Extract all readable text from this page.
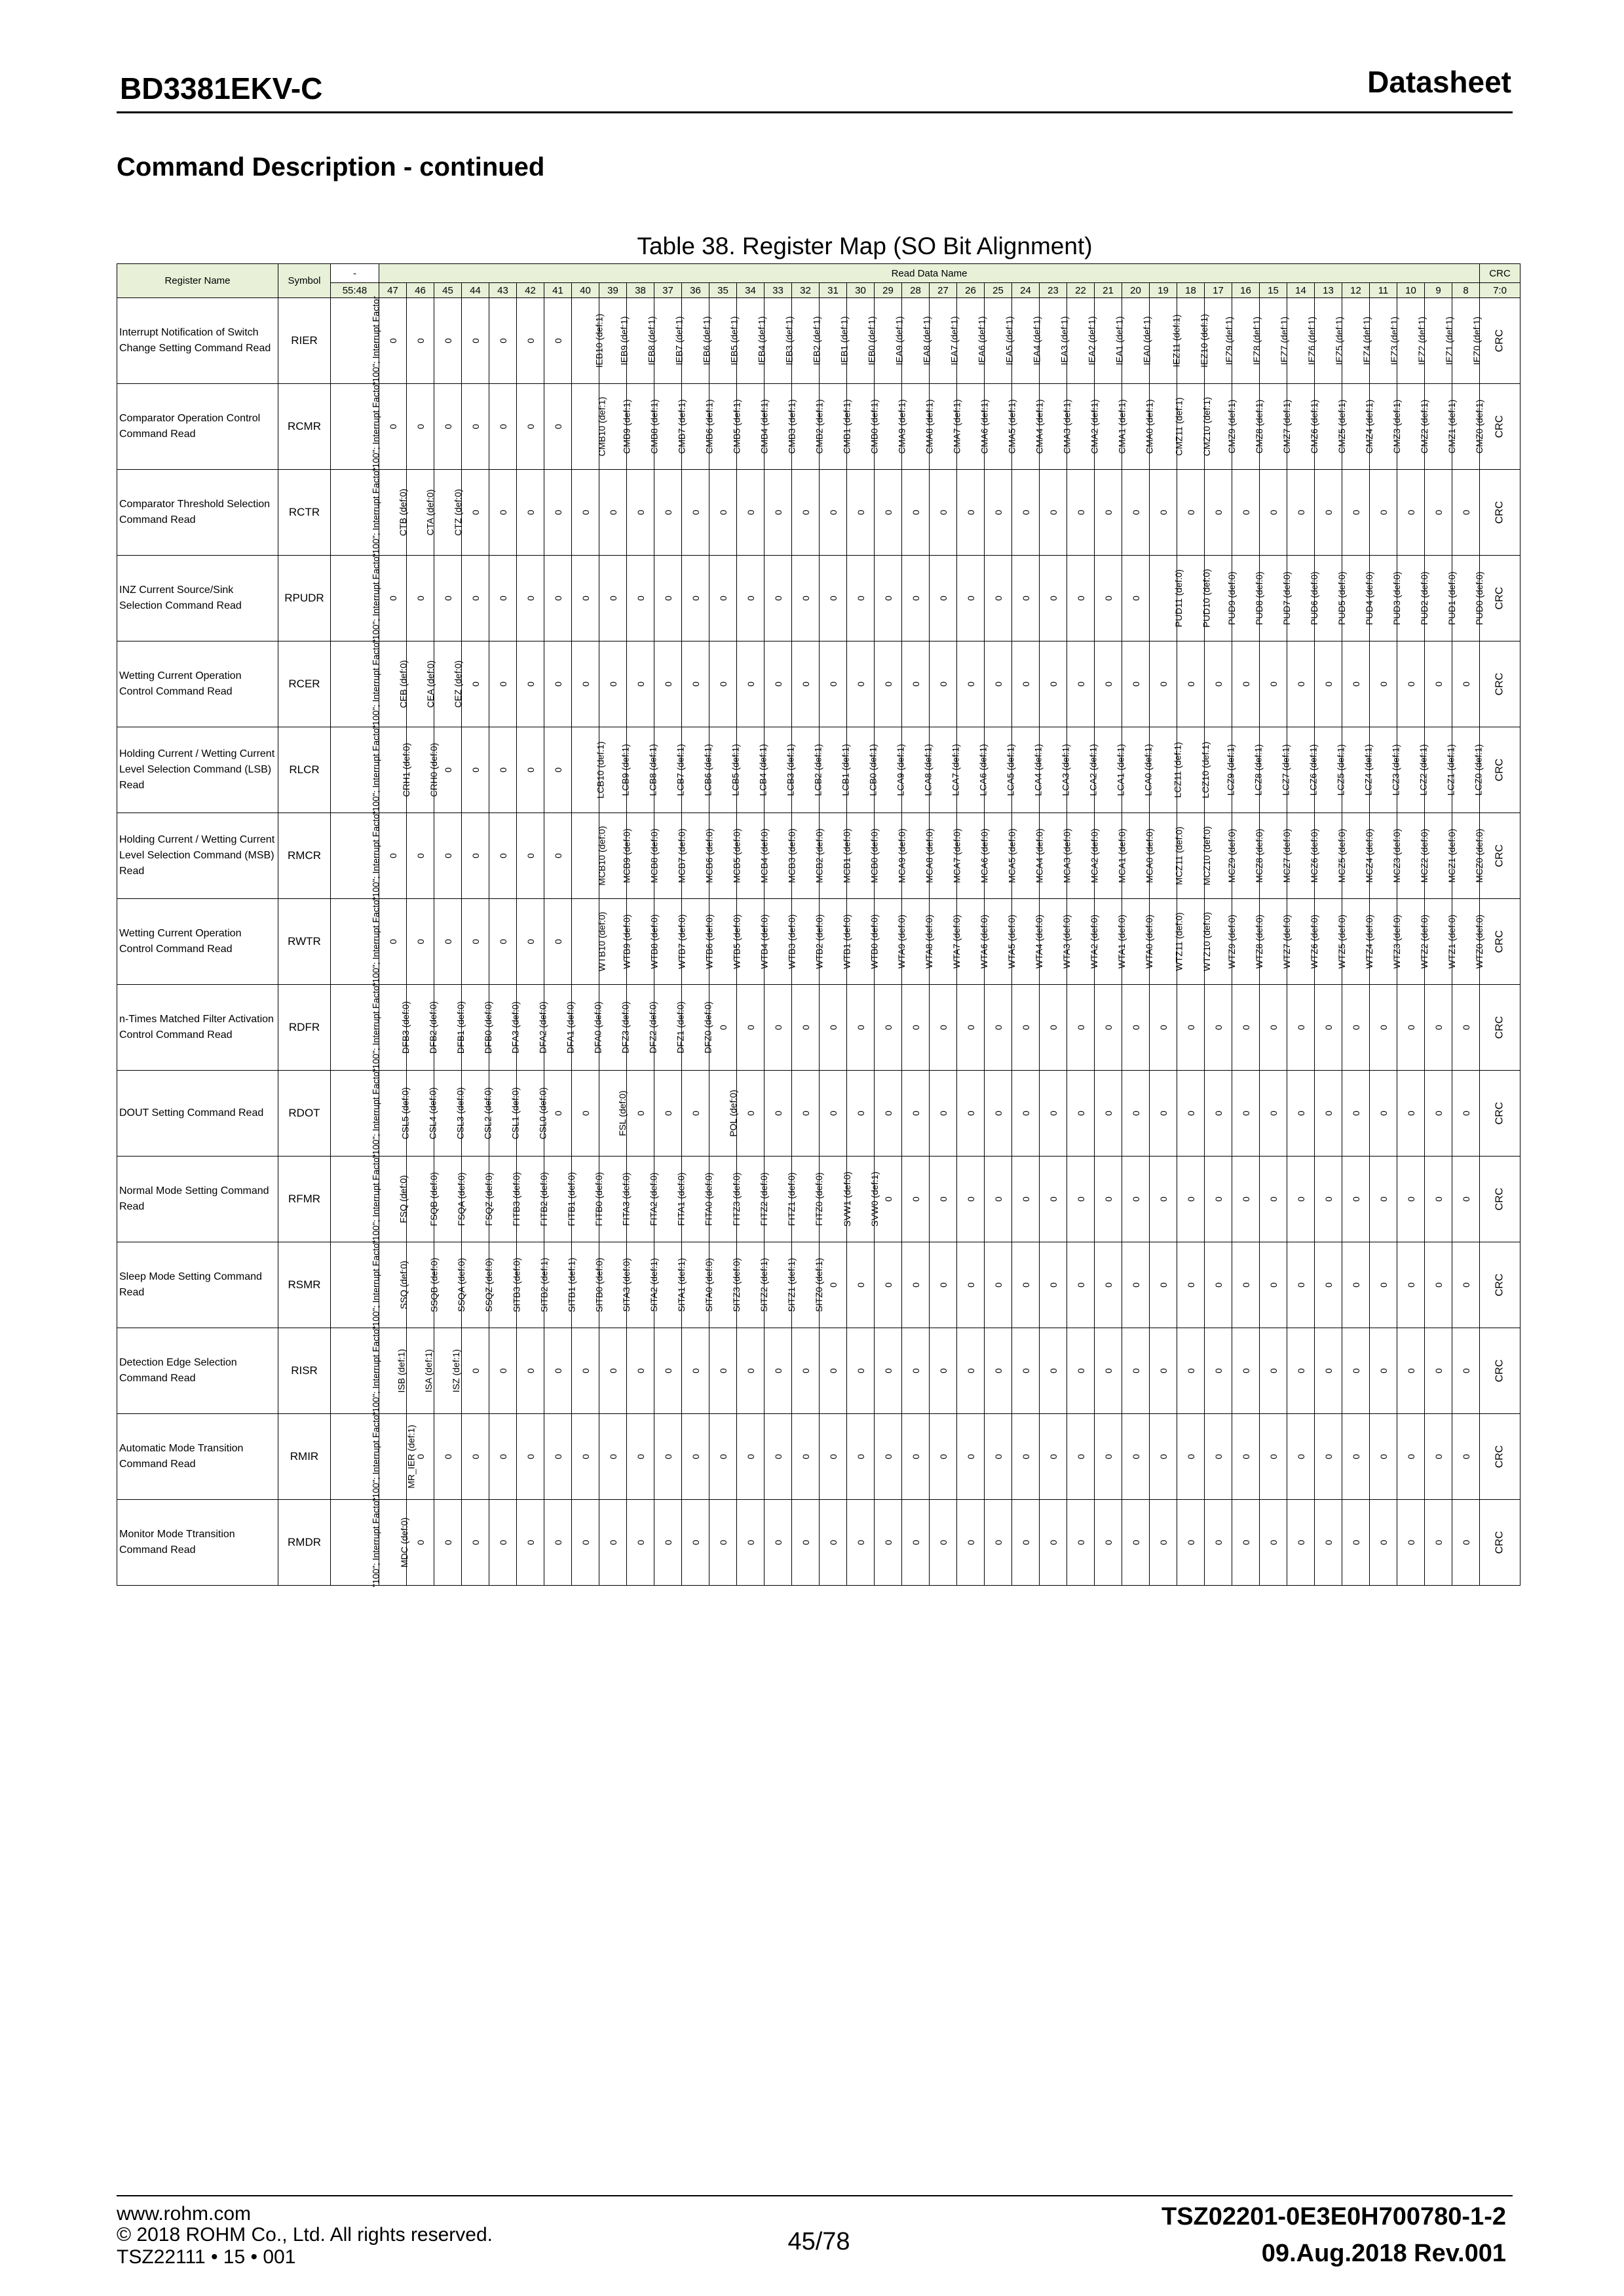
BD3381EKV-C	Datasheet
Command Description - continued
Table 38. Register Map (SO Bit Alignment)
Register Name	Symbol	-	Read Data Name																																								CRC
		55:48	47	46	45	44	43	42	41	40	39	38	37	36	35	34	33	32	31	30	29	28	27	26	25	24	23	22	21	20	19	18	17	16	15	14	13	12	11	10	9	8	7:0
Interrupt Notification of Switch Change Setting Command Read	RIER	"100"; Interrupt Factor	0	0	0	0	0	0	0	IEB10 (def:1)	IEB9 (def:1)	IEB8 (def:1)	IEB7 (def:1)	IEB6 (def:1)	IEB5 (def:1)	IEB4 (def:1)	IEB3 (def:1)	IEB2 (def:1)	IEB1 (def:1)	IEB0 (def:1)	IEA9 (def:1)	IEA8 (def:1)	IEA7 (def:1)	IEA6 (def:1)	IEA5 (def:1)	IEA4 (def:1)	IEA3 (def:1)	IEA2 (def:1)	IEA1 (def:1)	IEA0 (def:1)	IEZ11 (def:1)	IEZ10 (def:1)	IEZ9 (def:1)	IEZ8 (def:1)	IEZ7 (def:1)	IEZ6 (def:1)	IEZ5 (def:1)	IEZ4 (def:1)	IEZ3 (def:1)	IEZ2 (def:1)	IEZ1 (def:1)	IEZ0 (def:1)	CRC
Comparator Operation Control Command Read	RCMR	"100"; Interrupt Factor	0	0	0	0	0	0	0	CMB10 (def:1)	CMB9 (def:1)	CMB8 (def:1)	CMB7 (def:1)	CMB6 (def:1)	CMB5 (def:1)	CMB4 (def:1)	CMB3 (def:1)	CMB2 (def:1)	CMB1 (def:1)	CMB0 (def:1)	CMA9 (def:1)	CMA8 (def:1)	CMA7 (def:1)	CMA6 (def:1)	CMA5 (def:1)	CMA4 (def:1)	CMA3 (def:1)	CMA2 (def:1)	CMA1 (def:1)	CMA0 (def:1)	CMZ11 (def:1)	CMZ10 (def:1)	CMZ9 (def:1)	CMZ8 (def:1)	CMZ7 (def:1)	CMZ6 (def:1)	CMZ5 (def:1)	CMZ4 (def:1)	CMZ3 (def:1)	CMZ2 (def:1)	CMZ1 (def:1)	CMZ0 (def:1)	CRC
Comparator Threshold Selection Command Read	RCTR	"100"; Interrupt Factor	CTB (def:0)	CTA (def:0)	CTZ (def:0)	0	0	0	0	0	0	0	0	0	0	0	0	0	0	0	0	0	0	0	0	0	0	0	0	0	0	0	0	0	0	0	0	0	0	0	0	0	CRC
INZ Current Source/Sink Selection Command Read	RPUDR	"100"; Interrupt Factor	0	0	0	0	0	0	0	0	0	0	0	0	0	0	0	0	0	0	0	0	0	0	0	0	0	0	0	0	PUD11 (def:0)	PUD10 (def:0)	PUD9 (def:0)	PUD8 (def:0)	PUD7 (def:0)	PUD6 (def:0)	PUD5 (def:0)	PUD4 (def:0)	PUD3 (def:0)	PUD2 (def:0)	PUD1 (def:0)	PUD0 (def:0)	CRC
Wetting Current Operation Control Command Read	RCER	"100"; Interrupt Factor	CEB (def:0)	CEA (def:0)	CEZ (def:0)	0	0	0	0	0	0	0	0	0	0	0	0	0	0	0	0	0	0	0	0	0	0	0	0	0	0	0	0	0	0	0	0	0	0	0	0	0	CRC
Holding Current / Wetting Current Level Selection Command (LSB) Read	RLCR	"100"; Interrupt Factor	CRH1 (def:0)	CRH0 (def:0)	0	0	0	0	0	LCB10 (def:1)	LCB9 (def:1)	LCB8 (def:1)	LCB7 (def:1)	LCB6 (def:1)	LCB5 (def:1)	LCB4 (def:1)	LCB3 (def:1)	LCB2 (def:1)	LCB1 (def:1)	LCB0 (def:1)	LCA9 (def:1)	LCA8 (def:1)	LCA7 (def:1)	LCA6 (def:1)	LCA5 (def:1)	LCA4 (def:1)	LCA3 (def:1)	LCA2 (def:1)	LCA1 (def:1)	LCA0 (def:1)	LCZ11 (def:1)	LCZ10 (def:1)	LCZ9 (def:1)	LCZ8 (def:1)	LCZ7 (def:1)	LCZ6 (def:1)	LCZ5 (def:1)	LCZ4 (def:1)	LCZ3 (def:1)	LCZ2 (def:1)	LCZ1 (def:1)	LCZ0 (def:1)	CRC
Holding Current / Wetting Current Level Selection Command (MSB) Read	RMCR	"100"; Interrupt Factor	0	0	0	0	0	0	0	MCB10 (def:0)	MCB9 (def:0)	MCB8 (def:0)	MCB7 (def:0)	MCB6 (def:0)	MCB5 (def:0)	MCB4 (def:0)	MCB3 (def:0)	MCB2 (def:0)	MCB1 (def:0)	MCB0 (def:0)	MCA9 (def:0)	MCA8 (def:0)	MCA7 (def:0)	MCA6 (def:0)	MCA5 (def:0)	MCA4 (def:0)	MCA3 (def:0)	MCA2 (def:0)	MCA1 (def:0)	MCA0 (def:0)	MCZ11 (def:0)	MCZ10 (def:0)	MCZ9 (def:0)	MCZ8 (def:0)	MCZ7 (def:0)	MCZ6 (def:0)	MCZ5 (def:0)	MCZ4 (def:0)	MCZ3 (def:0)	MCZ2 (def:0)	MCZ1 (def:0)	MCZ0 (def:0)	CRC
Wetting Current Operation Control Command Read	RWTR	"100"; Interrupt Factor	0	0	0	0	0	0	0	WTB10 (def:0)	WTB9 (def:0)	WTB8 (def:0)	WTB7 (def:0)	WTB6 (def:0)	WTB5 (def:0)	WTB4 (def:0)	WTB3 (def:0)	WTB2 (def:0)	WTB1 (def:0)	WTB0 (def:0)	WTA9 (def:0)	WTA8 (def:0)	WTA7 (def:0)	WTA6 (def:0)	WTA5 (def:0)	WTA4 (def:0)	WTA3 (def:0)	WTA2 (def:0)	WTA1 (def:0)	WTA0 (def:0)	WTZ11 (def:0)	WTZ10 (def:0)	WTZ9 (def:0)	WTZ8 (def:0)	WTZ7 (def:0)	WTZ6 (def:0)	WTZ5 (def:0)	WTZ4 (def:0)	WTZ3 (def:0)	WTZ2 (def:0)	WTZ1 (def:0)	WTZ0 (def:0)	CRC
n-Times Matched Filter Activation Control Command Read	RDFR	"100"; Interrupt Factor	DFB3 (def:0)	DFB2 (def:0)	DFB1 (def:0)	DFB0 (def:0)	DFA3 (def:0)	DFA2 (def:0)	DFA1 (def:0)	DFA0 (def:0)	DFZ3 (def:0)	DFZ2 (def:0)	DFZ1 (def:0)	DFZ0 (def:0)	0	0	0	0	0	0	0	0	0	0	0	0	0	0	0	0	0	0	0	0	0	0	0	0	0	0	0	0	CRC
DOUT Setting Command Read	RDOT	"100"; Interrupt Factor	CSL5 (def:0)	CSL4 (def:0)	CSL3 (def:0)	CSL2 (def:0)	CSL1 (def:0)	CSL0 (def:0)	0	0	FSL (def:0)	0	0	0	POL (def:0)	0	0	0	0	0	0	0	0	0	0	0	0	0	0	0	0	0	0	0	0	0	0	0	0	0	0	0	CRC
Normal Mode Setting Command Read	RFMR	"100"; Interrupt Factor	FSQ (def:0)	FSQB (def:0)	FSQA (def:0)	FSQZ (def:0)	FITB3 (def:0)	FITB2 (def:0)	FITB1 (def:0)	FITB0 (def:0)	FITA3 (def:0)	FITA2 (def:0)	FITA1 (def:0)	FITA0 (def:0)	FITZ3 (def:0)	FITZ2 (def:0)	FITZ1 (def:0)	FITZ0 (def:0)	SVW1 (def:0)	SVW0 (def:1)	0	0	0	0	0	0	0	0	0	0	0	0	0	0	0	0	0	0	0	0	0	0	CRC
Sleep Mode Setting Command Read	RSMR	"100"; Interrupt Factor	SSQ (def:0)	SSQB (def:0)	SSQA (def:0)	SSQZ (def:0)	SITB3 (def:0)	SITB2 (def:1)	SITB1 (def:1)	SITB0 (def:0)	SITA3 (def:0)	SITA2 (def:1)	SITA1 (def:1)	SITA0 (def:0)	SITZ3 (def:0)	SITZ2 (def:1)	SITZ1 (def:1)	SITZ0 (def:1)	0	0	0	0	0	0	0	0	0	0	0	0	0	0	0	0	0	0	0	0	0	0	0	0	CRC
Detection Edge Selection Command Read	RISR	"100"; Interrupt Factor	ISB (def:1)	ISA (def:1)	ISZ (def:1)	0	0	0	0	0	0	0	0	0	0	0	0	0	0	0	0	0	0	0	0	0	0	0	0	0	0	0	0	0	0	0	0	0	0	0	0	0	CRC
Automatic Mode Transition Command Read	RMIR	"100"; Interrupt Factor	MR_IER (def:1)	0	0	0	0	0	0	0	0	0	0	0	0	0	0	0	0	0	0	0	0	0	0	0	0	0	0	0	0	0	0	0	0	0	0	0	0	0	0	0	CRC
Monitor Mode Ttransition Command Read	RMDR	"100"; Interrupt Factor	MDC (def:0)	0	0	0	0	0	0	0	0	0	0	0	0	0	0	0	0	0	0	0	0	0	0	0	0	0	0	0	0	0	0	0	0	0	0	0	0	0	0	0	CRC
www.rohm.com
© 2018 ROHM Co., Ltd. All rights reserved.
TSZ22111 • 15 • 001
45/78
TSZ02201-0E3E0H700780-1-2
09.Aug.2018 Rev.001
